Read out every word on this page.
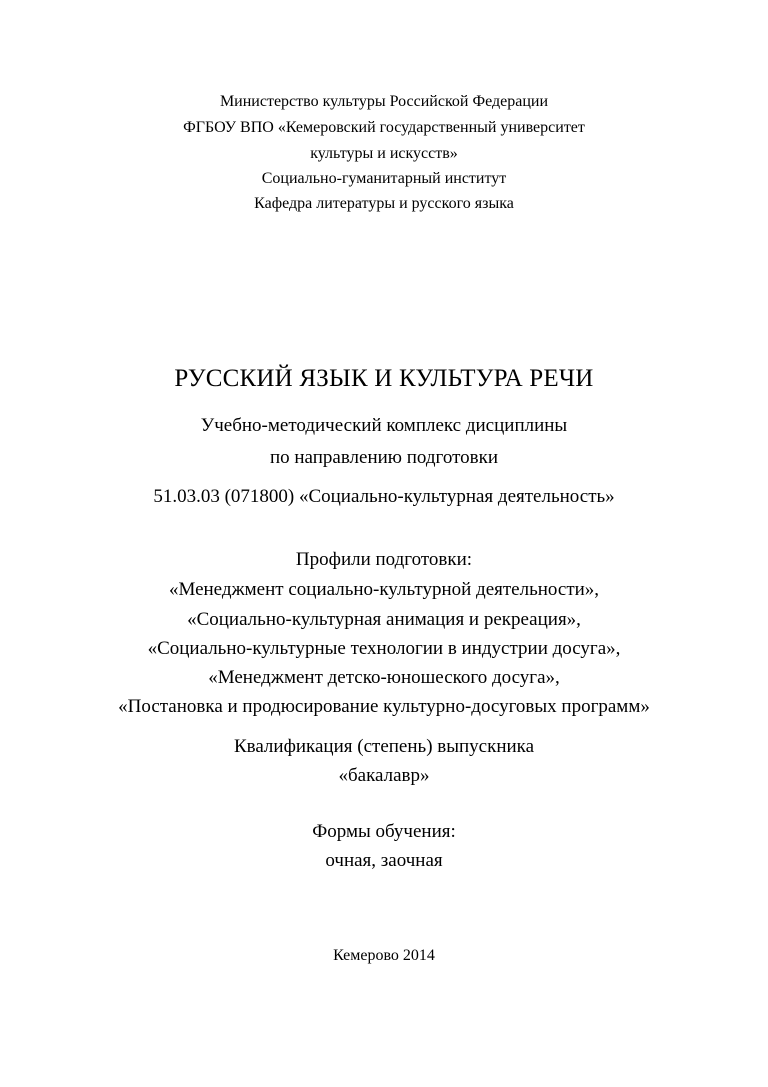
Министерство культуры Российской Федерации
ФГБОУ ВПО «Кемеровский государственный университет
культуры и искусств»
Социально-гуманитарный институт
Кафедра литературы и русского языка
РУССКИЙ ЯЗЫК И КУЛЬТУРА РЕЧИ
Учебно-методический комплекс дисциплины
по направлению подготовки
51.03.03 (071800) «Социально-культурная деятельность»
Профили подготовки:
«Менеджмент социально-культурной деятельности»,
«Социально-культурная анимация и рекреация»,
«Социально-культурные технологии в индустрии досуга»,
«Менеджмент детско-юношеского досуга»,
«Постановка и продюсирование культурно-досуговых программ»
Квалификация (степень) выпускника
«бакалавр»
Формы обучения:
очная, заочная
Кемерово 2014
